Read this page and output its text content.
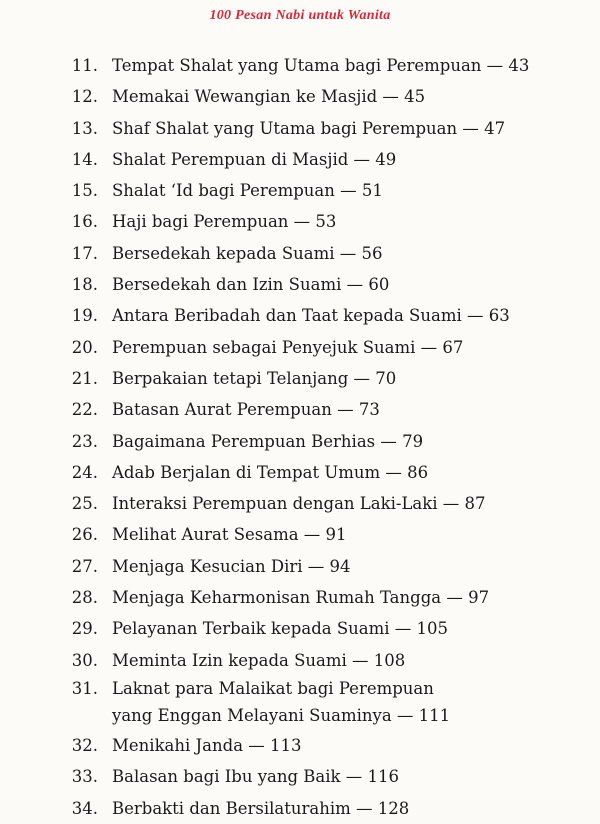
100 Pesan Nabi untuk Wanita
11. Tempat Shalat yang Utama bagi Perempuan — 43
12. Memakai Wewangian ke Masjid — 45
13. Shaf Shalat yang Utama bagi Perempuan — 47
14. Shalat Perempuan di Masjid — 49
15. Shalat ‘Id bagi Perempuan — 51
16. Haji bagi Perempuan — 53
17. Bersedekah kepada Suami — 56
18. Bersedekah dan Izin Suami — 60
19. Antara Beribadah dan Taat kepada Suami — 63
20. Perempuan sebagai Penyejuk Suami — 67
21. Berpakaian tetapi Telanjang — 70
22. Batasan Aurat Perempuan — 73
23. Bagaimana Perempuan Berhias — 79
24. Adab Berjalan di Tempat Umum — 86
25. Interaksi Perempuan dengan Laki-Laki — 87
26. Melihat Aurat Sesama — 91
27. Menjaga Kesucian Diri — 94
28. Menjaga Keharmonisan Rumah Tangga — 97
29. Pelayanan Terbaik kepada Suami — 105
30. Meminta Izin kepada Suami — 108
31. Laknat para Malaikat bagi Perempuan
yang Enggan Melayani Suaminya — 111
32. Menikahi Janda — 113
33. Balasan bagi Ibu yang Baik — 116
34. Berbakti dan Bersilaturahim — 128
